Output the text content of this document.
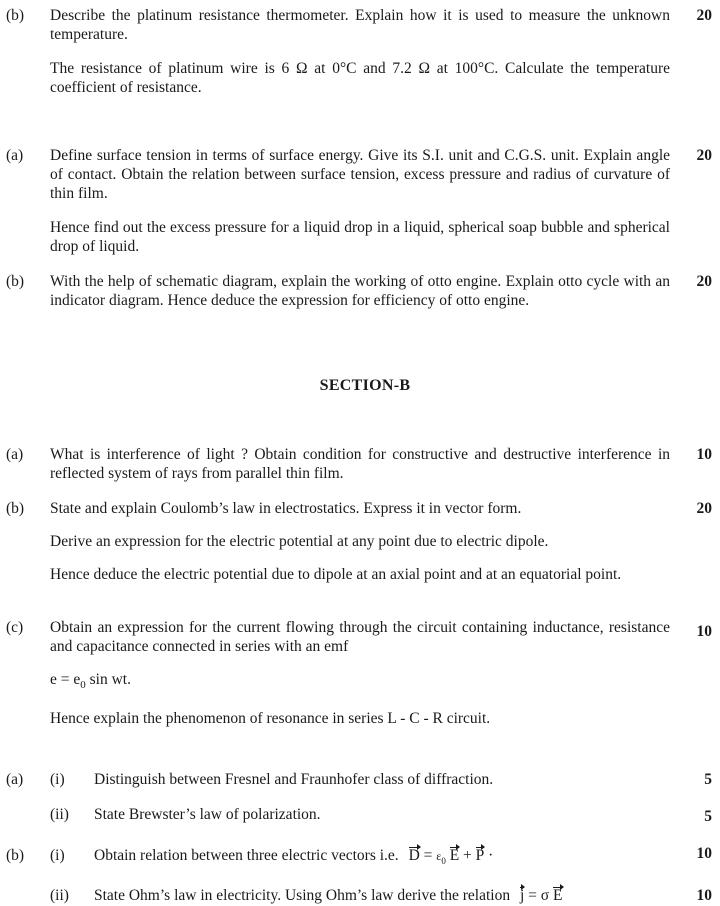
(b) Describe the platinum resistance thermometer. Explain how it is used to measure the unknown temperature.

The resistance of platinum wire is 6 Ω at 0°C and 7.2 Ω at 100°C. Calculate the temperature coefficient of resistance.

20
(a) Define surface tension in terms of surface energy. Give its S.I. unit and C.G.S. unit. Explain angle of contact. Obtain the relation between surface tension, excess pressure and radius of curvature of thin film.

Hence find out the excess pressure for a liquid drop in a liquid, spherical soap bubble and spherical drop of liquid.

20
(b) With the help of schematic diagram, explain the working of otto engine. Explain otto cycle with an indicator diagram. Hence deduce the expression for efficiency of otto engine.

20
SECTION-B
(a) What is interference of light ? Obtain condition for constructive and destructive interference in reflected system of rays from parallel thin film.

10
(b) State and explain Coulomb’s law in electrostatics. Express it in vector form.

Derive an expression for the electric potential at any point due to electric dipole.

Hence deduce the electric potential due to dipole at an axial point and at an equatorial point.

20
(c) Obtain an expression for the current flowing through the circuit containing inductance, resistance and capacitance connected in series with an emf

$e = e_0$ sin wt.

Hence explain the phenomenon of resonance in series L - C - R circuit.

10
(a) (i) Distinguish between Fresnel and Fraunhofer class of diffraction.	5
(ii) State Brewster’s law of polarization.	5
(b) (i) Obtain relation between three electric vectors i.e. $D = \varepsilon_0$ E + P ·	10
(ii) State Ohm’s law in electricity. Using Ohm’s law derive the relation j = σ E	10
